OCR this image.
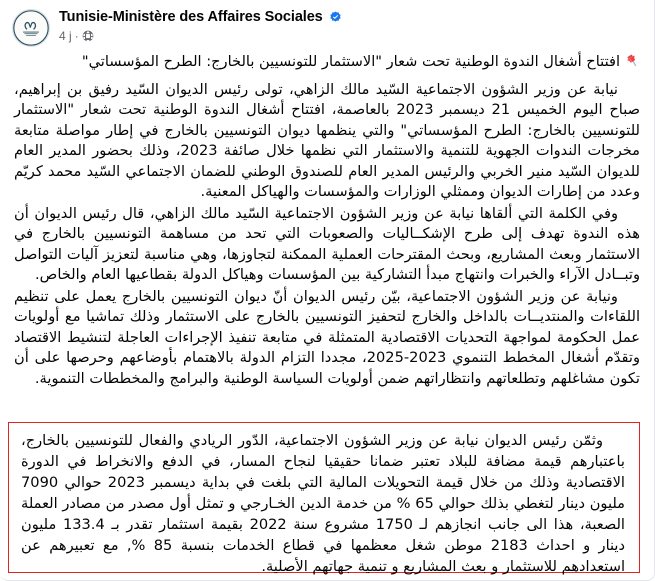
Tunisie-Ministère des Affaires Sociales
4 j ·
افتتاح أشغال الندوة الوطنية تحت شعار "الاستثمار للتونسيين بالخارج: الطرح المؤسساتي"

نيابة عن وزير الشؤون الاجتماعية السّيد مالك الزاهي، تولى رئيس الديوان السّيد رفيق بن إبراهيم، صباح اليوم الخميس 21 ديسمبر 2023 بالعاصمة، افتتاح أشغال الندوة الوطنية تحت شعار "الاستثمار للتونسيين بالخارج: الطرح المؤسساتي" والتي ينظمها ديوان التونسيين بالخارج في إطار مواصلة متابعة مخرجات الندوات الجهوية للتنمية والاستثمار التي نظمها خلال صائفة 2023، وذلك بحضور المدير العام للديوان السّيد منير الخربي والرئيس المدير العام للصندوق الوطني للضمان الاجتماعي السّيد محمد كريّم وعدد من إطارات الديوان وممثلي الوزارات والمؤسسات والهياكل المعنية.

وفي الكلمة التي ألقاها نيابة عن وزير الشؤون الاجتماعية السّيد مالك الزاهي، قال رئيس الديوان أن هذه الندوة تهدف إلى طرح الإشكــاليات والصعوبات التي تحد من مساهمة التونسيين بالخارج في الاستثمار وبعث المشاريع، وبحث المقترحات العملية الممكنة لتجاوزها، وهي مناسبة لتعزيز آليات التواصل وتبــادل الآراء والخبرات وانتهاج مبدأ التشاركية بين المؤسسات وهياكل الدولة بقطاعيها العام والخاص.

ونيابة عن وزير الشؤون الاجتماعية، بيّن رئيس الديوان أنّ ديوان التونسيين بالخارج يعمل على تنظيم اللقاءات والمنتديــات بالداخل والخارج لتحفيز التونسيين بالخارج على الاستثمار وذلك تماشيا مع أولويات عمل الحكومة لمواجهة التحديات الاقتصادية المتمثلة في متابعة تنفيذ الإجراءات العاجلة لتنشيط الاقتصاد وتقدّم أشغال المخطط التنموي 2023-2025، مجددا التزام الدولة بالاهتمام بأوضاعهم وحرصها على أن تكون مشاغلهم وتطلعاتهم وانتظاراتهم ضمن أولويات السياسة الوطنية والبرامج والمخططات التنموية.

وثمّن رئيس الديوان نيابة عن وزير الشؤون الاجتماعية، الدّور الريادي والفعال للتونسيين بالخارج، باعتبارهم قيمة مضافة للبلاد تعتبر ضمانا حقيقيا لنجاح المسار، في الدفع والانخراط في الدورة الاقتصادية وذلك من خلال قيمة التحويلات المالية التي بلغت في بداية ديسمبر 2023 حوالي 7090 مليون دينار لتغطي بذلك حوالي 65 % من خدمة الدين الخـارجي و تمثل أول مصدر من مصادر العملة الصعبة، هذا الى جانب انجازهم لـ 1750 مشروع سنة 2022 بقيمة استثمار تقدر بـ 133.4 مليون دينار و احداث 2183 موطن شغل معظمها في قطاع الخدمات بنسبة 85 %, مع تعبيرهم عن استعدادهم للاستثمار و بعث المشاريع و تنمية جهاتهم الأصلية.
